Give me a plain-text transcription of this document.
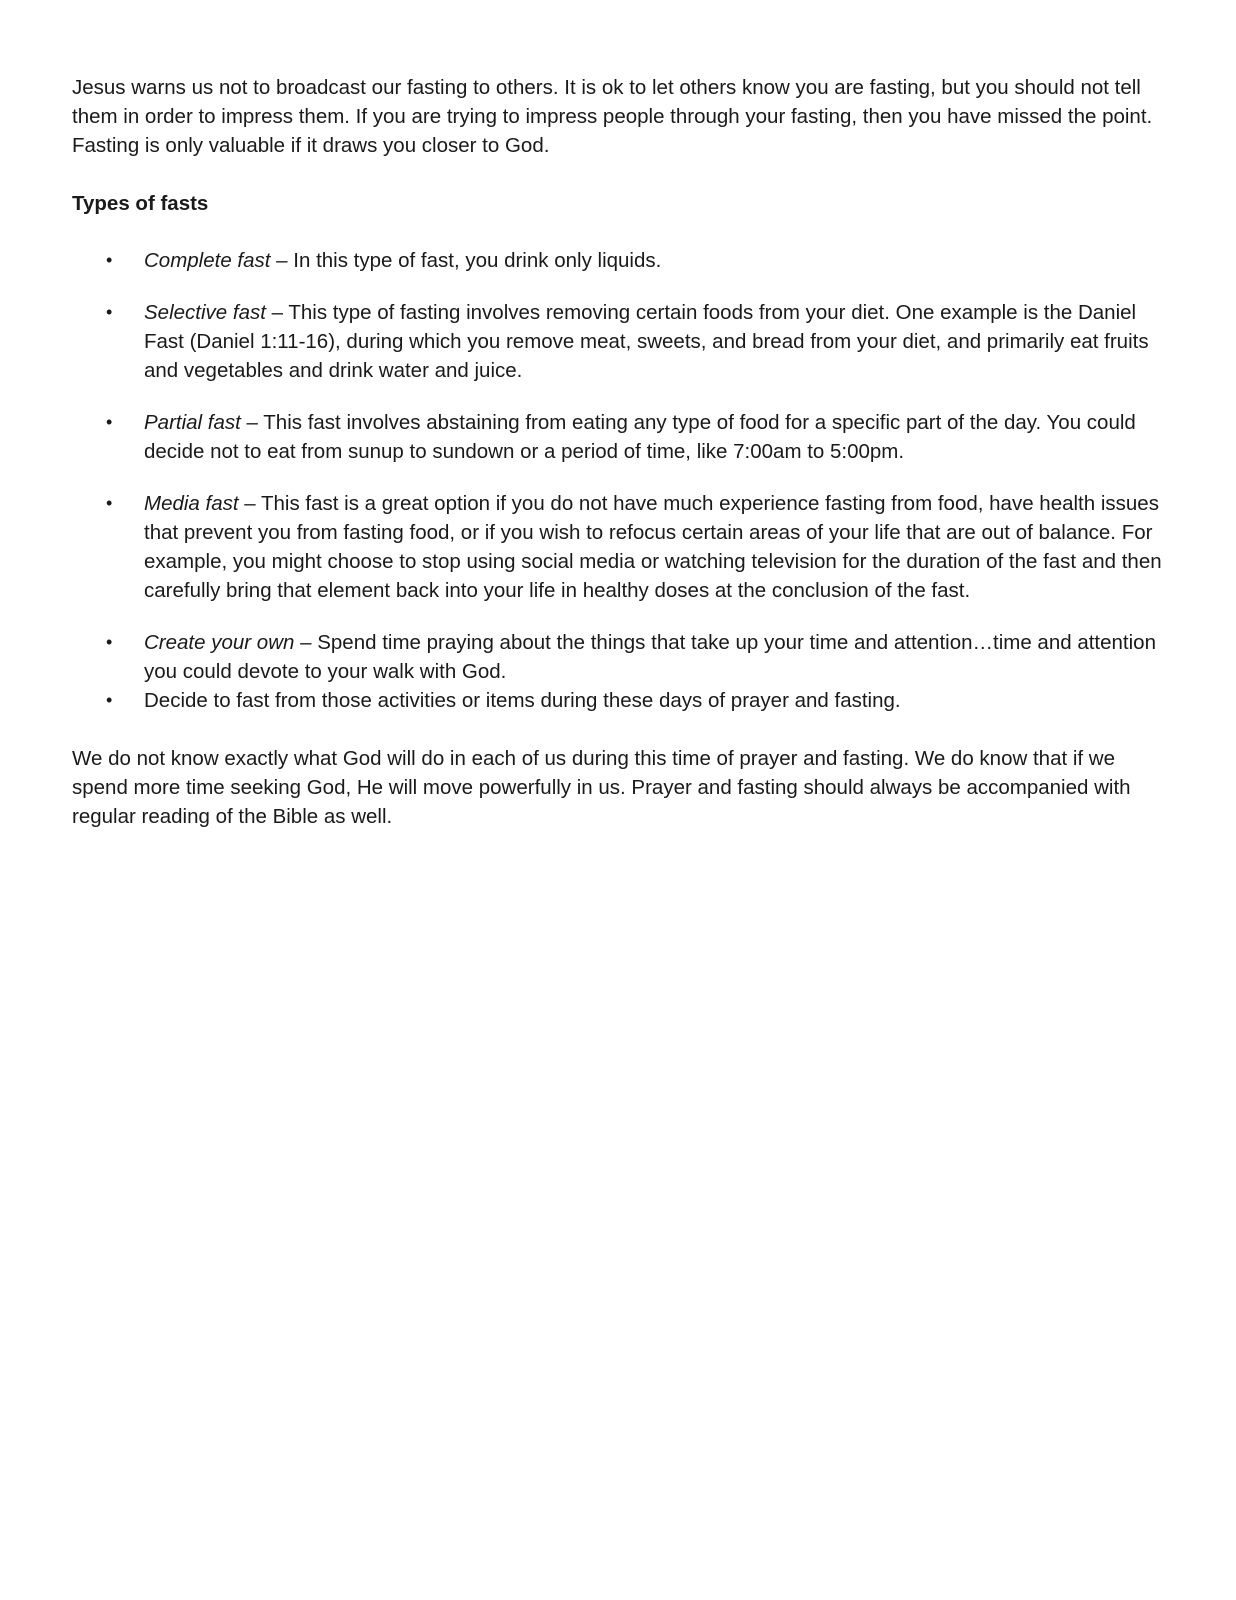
Jesus warns us not to broadcast our fasting to others. It is ok to let others know you are fasting, but you should not tell them in order to impress them. If you are trying to impress people through your fasting, then you have missed the point. Fasting is only valuable if it draws you closer to God.

Types of fasts

• Complete fast – In this type of fast, you drink only liquids.
• Selective fast – This type of fasting involves removing certain foods from your diet. One example is the Daniel Fast (Daniel 1:11-16), during which you remove meat, sweets, and bread from your diet, and primarily eat fruits and vegetables and drink water and juice.
• Partial fast – This fast involves abstaining from eating any type of food for a specific part of the day. You could decide not to eat from sunup to sundown or a period of time, like 7:00am to 5:00pm.
• Media fast – This fast is a great option if you do not have much experience fasting from food, have health issues that prevent you from fasting food, or if you wish to refocus certain areas of your life that are out of balance. For example, you might choose to stop using social media or watching television for the duration of the fast and then carefully bring that element back into your life in healthy doses at the conclusion of the fast.
• Create your own – Spend time praying about the things that take up your time and attention…time and attention you could devote to your walk with God.
• Decide to fast from those activities or items during these days of prayer and fasting.

We do not know exactly what God will do in each of us during this time of prayer and fasting. We do know that if we spend more time seeking God, He will move powerfully in us. Prayer and fasting should always be accompanied with regular reading of the Bible as well.
